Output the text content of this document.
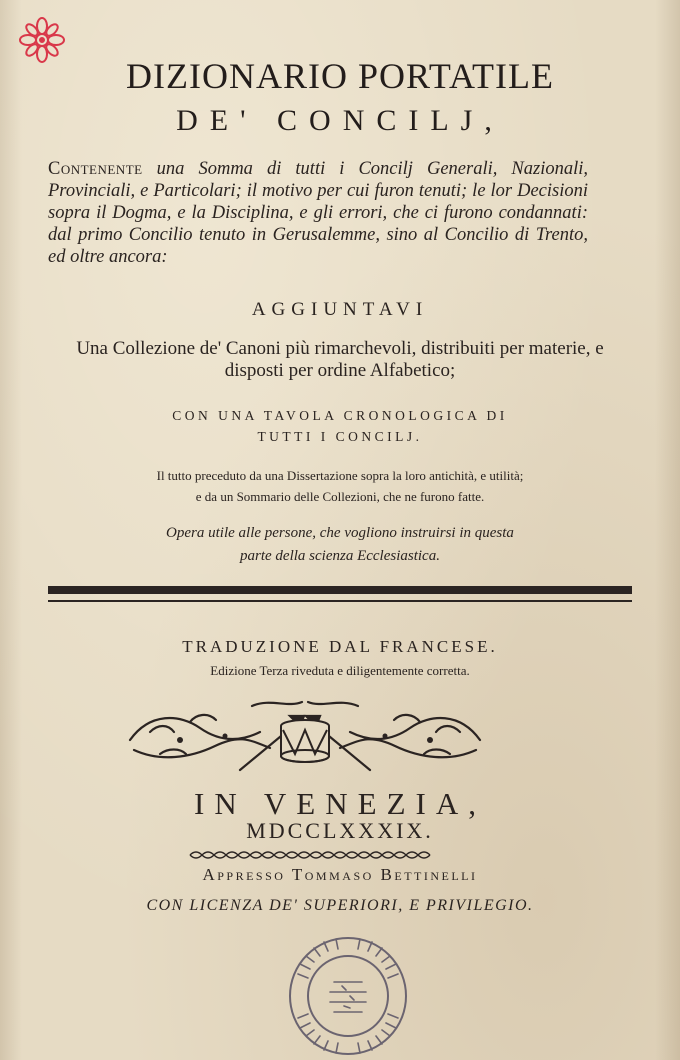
DIZIONARIO PORTATILE
DE' CONCILJ,
Contenente una Somma di tutti i Concilj Generali, Nazionali, Provinciali, e Particolari; il motivo per cui furon tenuti; le lor Decisioni sopra il Dogma, e la Disciplina, e gli errori, che ci furono condannati: dal primo Concilio tenuto in Gerusalemme, sino al Concilio di Trento, ed oltre ancora:
AGGIUNTAVI
Una Collezione de' Canoni più rimarchevoli, distribuiti per materie, e disposti per ordine Alfabetico;
CON UNA TAVOLA CRONOLOGICA DI
TUTTI I CONCILJ.
Il tutto preceduto da una Dissertazione sopra la loro antichità, e utilità;
e da un Sommario delle Collezioni, che ne furono fatte.
Opera utile alle persone, che vogliono instruirsi in questa
parte della scienza Ecclesiastica.
TRADUZIONE DAL FRANCESE.
Edizione Terza riveduta e diligentemente corretta.
IN VENEZIA,
MDCCLXXXIX.
Appresso Tommaso Bettinelli
CON LICENZA DE' SUPERIORI, E PRIVILEGIO.
